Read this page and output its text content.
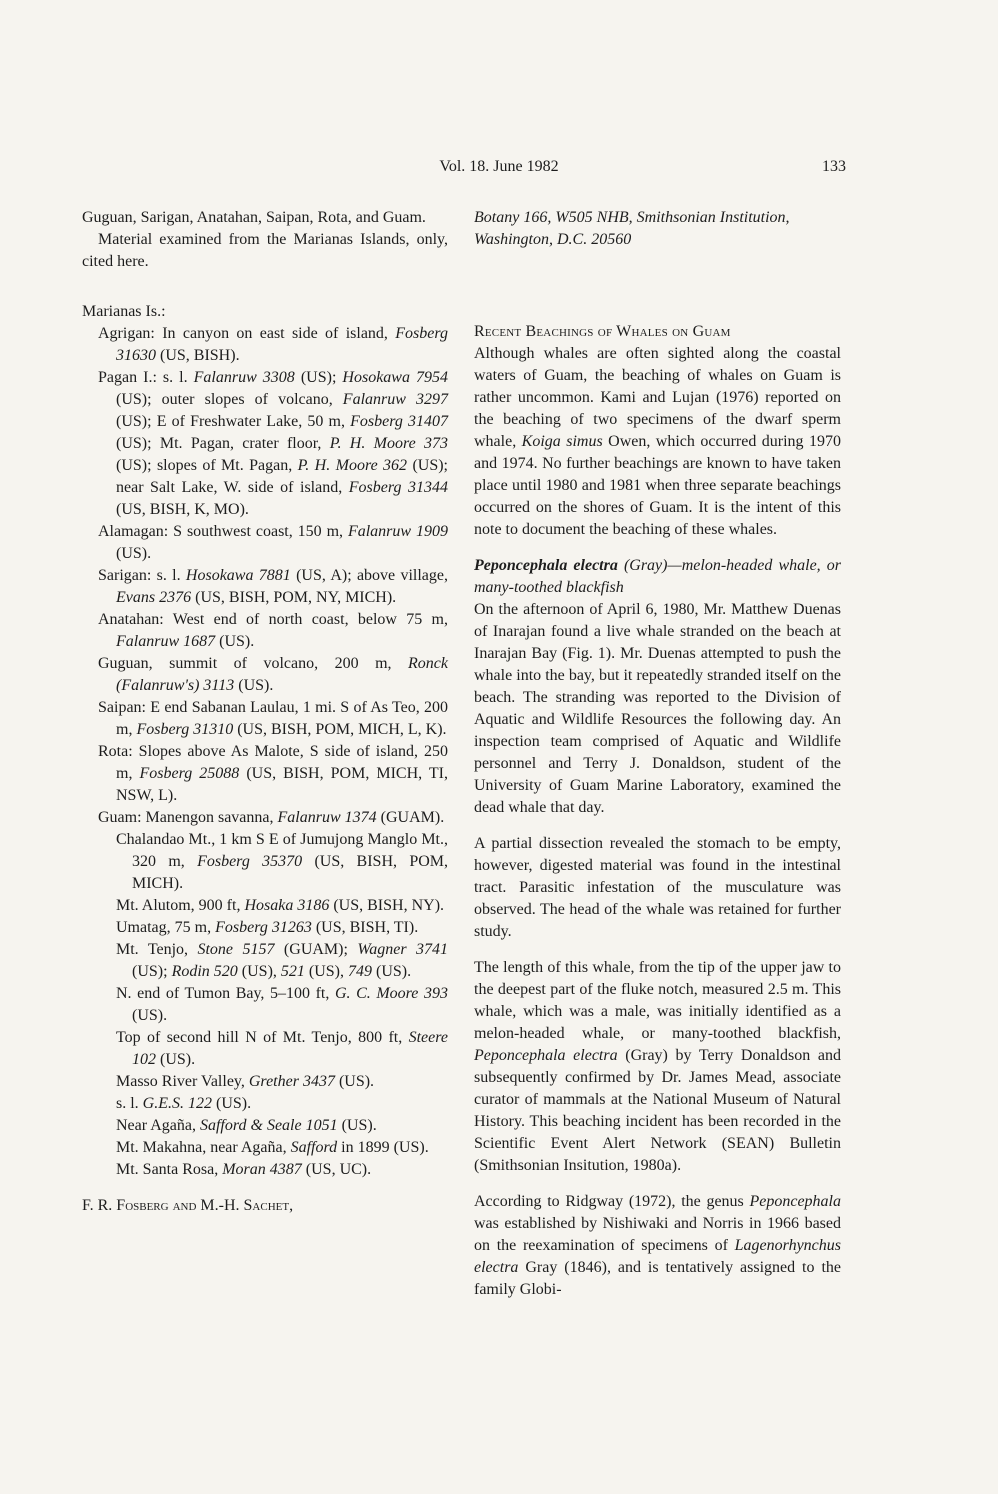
Vol. 18. June 1982	133

Guguan, Sarigan, Anatahan, Saipan, Rota, and Guam.

Material examined from the Marianas Islands, only, cited here.

Marianas Is.:

Agrigan: In canyon on east side of island, Fosberg 31630 (US, BISH).

Pagan I.: s. l. Falanruw 3308 (US); Hosokawa 7954 (US); outer slopes of volcano, Falanruw 3297 (US); E of Freshwater Lake, 50 m, Fosberg 31407 (US); Mt. Pagan, crater floor, P. H. Moore 373 (US); slopes of Mt. Pagan, P. H. Moore 362 (US); near Salt Lake, W. side of island, Fosberg 31344 (US, BISH, K, MO).

Alamagan: S southwest coast, 150 m, Falanruw 1909 (US).

Sarigan: s. l. Hosokawa 7881 (US, A); above village, Evans 2376 (US, BISH, POM, NY, MICH).

Anatahan: West end of north coast, below 75 m, Falanruw 1687 (US).

Guguan, summit of volcano, 200 m, Ronck (Falanruw's) 3113 (US).

Saipan: E end Sabanan Laulau, 1 mi. S of As Teo, 200 m, Fosberg 31310 (US, BISH, POM, MICH, L, K).

Rota: Slopes above As Malote, S side of island, 250 m, Fosberg 25088 (US, BISH, POM, MICH, TI, NSW, L).

Guam: Manengon savanna, Falanruw 1374 (GUAM).

Chalandao Mt., 1 km S E of Jumujong Manglo Mt., 320 m, Fosberg 35370 (US, BISH, POM, MICH).

Mt. Alutom, 900 ft, Hosaka 3186 (US, BISH, NY).

Umatag, 75 m, Fosberg 31263 (US, BISH, TI).

Mt. Tenjo, Stone 5157 (GUAM); Wagner 3741 (US); Rodin 520 (US), 521 (US), 749 (US).

N. end of Tumon Bay, 5–100 ft, G. C. Moore 393 (US).

Top of second hill N of Mt. Tenjo, 800 ft, Steere 102 (US).

Masso River Valley, Grether 3437 (US).

s. l. G.E.S. 122 (US).

Near Agaña, Safford & Seale 1051 (US).

Mt. Makahna, near Agaña, Safford in 1899 (US).

Mt. Santa Rosa, Moran 4387 (US, UC).

F. R. Fosberg and M.-H. Sachet,

Botany 166, W505 NHB, Smithsonian Institution,
Washington, D.C. 20560

Recent Beachings of Whales on Guam

Although whales are often sighted along the coastal waters of Guam, the beaching of whales on Guam is rather uncommon. Kami and Lujan (1976) reported on the beaching of two specimens of the dwarf sperm whale, Koiga simus Owen, which occurred during 1970 and 1974. No further beachings are known to have taken place until 1980 and 1981 when three separate beachings occurred on the shores of Guam. It is the intent of this note to document the beaching of these whales.

Peponcephala electra (Gray)—melon-headed whale, or many-toothed blackfish

On the afternoon of April 6, 1980, Mr. Matthew Duenas of Inarajan found a live whale stranded on the beach at Inarajan Bay (Fig. 1). Mr. Duenas attempted to push the whale into the bay, but it repeatedly stranded itself on the beach. The stranding was reported to the Division of Aquatic and Wildlife Resources the following day. An inspection team comprised of Aquatic and Wildlife personnel and Terry J. Donaldson, student of the University of Guam Marine Laboratory, examined the dead whale that day.

A partial dissection revealed the stomach to be empty, however, digested material was found in the intestinal tract. Parasitic infestation of the musculature was observed. The head of the whale was retained for further study.

The length of this whale, from the tip of the upper jaw to the deepest part of the fluke notch, measured 2.5 m. This whale, which was a male, was initially identified as a melon-headed whale, or many-toothed blackfish, Peponcephala electra (Gray) by Terry Donaldson and subsequently confirmed by Dr. James Mead, associate curator of mammals at the National Museum of Natural History. This beaching incident has been recorded in the Scientific Event Alert Network (SEAN) Bulletin (Smithsonian Insitution, 1980a).

According to Ridgway (1972), the genus Peponcephala was established by Nishiwaki and Norris in 1966 based on the reexamination of specimens of Lagenorhynchus electra Gray (1846), and is tentatively assigned to the family Globi-
